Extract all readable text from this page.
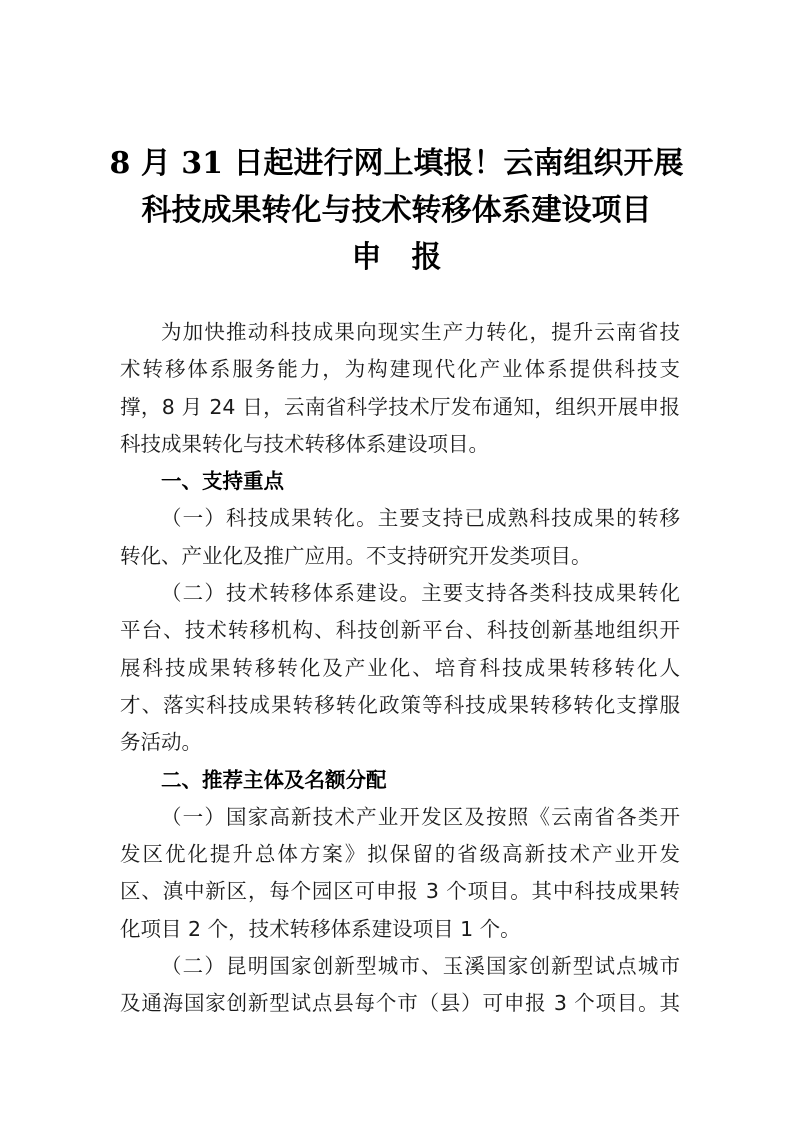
8 月 31 日起进行网上填报！云南组织开展
科技成果转化与技术转移体系建设项目
申　报
为加快推动科技成果向现实生产力转化，提升云南省技
术转移体系服务能力，为构建现代化产业体系提供科技支
撑，8 月 24 日，云南省科学技术厅发布通知，组织开展申报
科技成果转化与技术转移体系建设项目。
一、支持重点
（一）科技成果转化。主要支持已成熟科技成果的转移
转化、产业化及推广应用。不支持研究开发类项目。
（二）技术转移体系建设。主要支持各类科技成果转化
平台、技术转移机构、科技创新平台、科技创新基地组织开
展科技成果转移转化及产业化、培育科技成果转移转化人
才、落实科技成果转移转化政策等科技成果转移转化支撑服
务活动。
二、推荐主体及名额分配
（一）国家高新技术产业开发区及按照《云南省各类开
发区优化提升总体方案》拟保留的省级高新技术产业开发
区、滇中新区，每个园区可申报 3 个项目。其中科技成果转
化项目 2 个，技术转移体系建设项目 1 个。
（二）昆明国家创新型城市、玉溪国家创新型试点城市
及通海国家创新型试点县每个市（县）可申报 3 个项目。其
